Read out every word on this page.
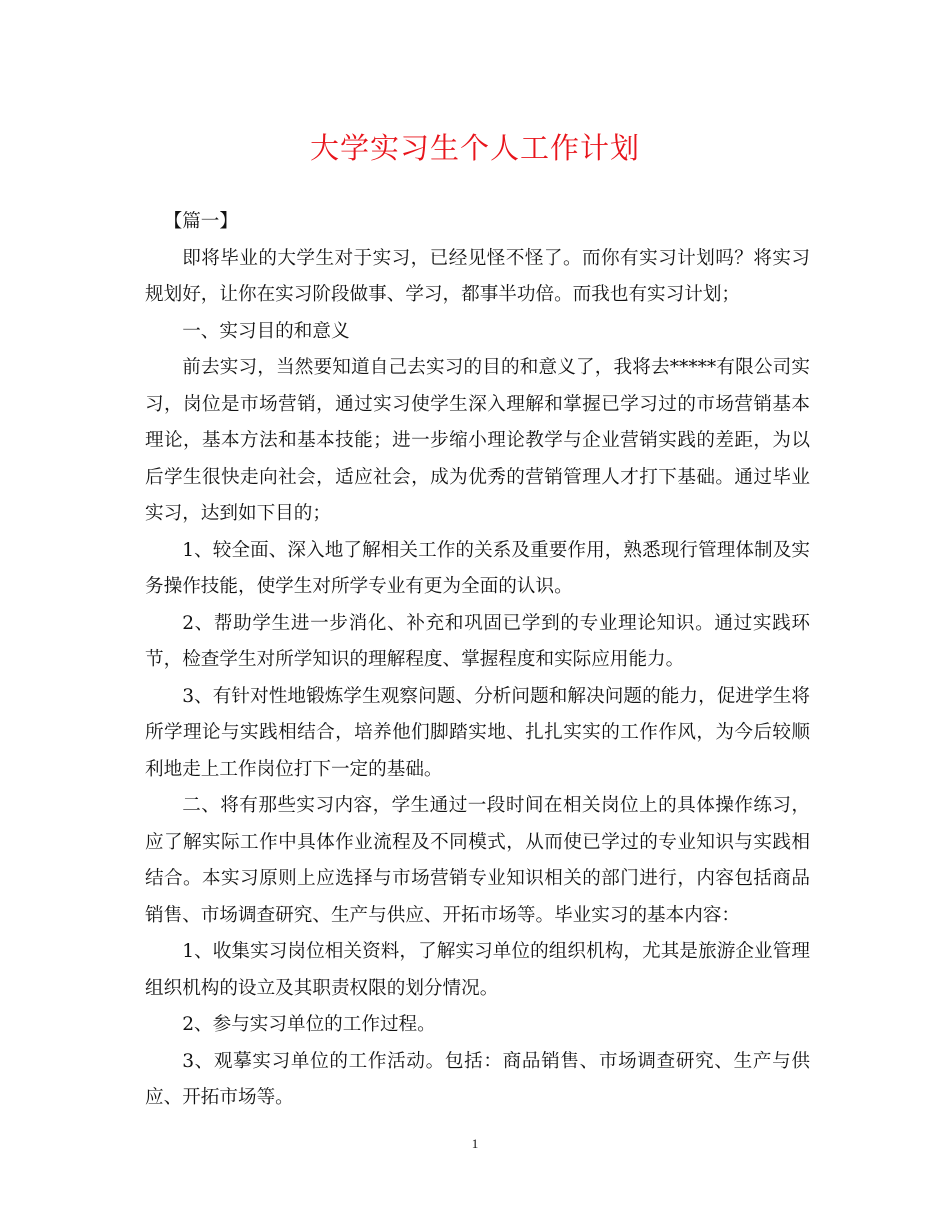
大学实习生个人工作计划

【篇一】

即将毕业的大学生对于实习，已经见怪不怪了。而你有实习计划吗？将实习规划好，让你在实习阶段做事、学习，都事半功倍。而我也有实习计划；

一、实习目的和意义

前去实习，当然要知道自己去实习的目的和意义了，我将去*****有限公司实习，岗位是市场营销，通过实习使学生深入理解和掌握已学习过的市场营销基本理论，基本方法和基本技能；进一步缩小理论教学与企业营销实践的差距，为以后学生很快走向社会，适应社会，成为优秀的营销管理人才打下基础。通过毕业实习，达到如下目的；

1、较全面、深入地了解相关工作的关系及重要作用，熟悉现行管理体制及实务操作技能，使学生对所学专业有更为全面的认识。

2、帮助学生进一步消化、补充和巩固已学到的专业理论知识。通过实践环节，检查学生对所学知识的理解程度、掌握程度和实际应用能力。

3、有针对性地锻炼学生观察问题、分析问题和解决问题的能力，促进学生将所学理论与实践相结合，培养他们脚踏实地、扎扎实实的工作作风，为今后较顺利地走上工作岗位打下一定的基础。

二、将有那些实习内容，学生通过一段时间在相关岗位上的具体操作练习，应了解实际工作中具体作业流程及不同模式，从而使已学过的专业知识与实践相结合。本实习原则上应选择与市场营销专业知识相关的部门进行，内容包括商品销售、市场调查研究、生产与供应、开拓市场等。毕业实习的基本内容：

1、收集实习岗位相关资料，了解实习单位的组织机构，尤其是旅游企业管理组织机构的设立及其职责权限的划分情况。

2、参与实习单位的工作过程。

3、观摹实习单位的工作活动。包括：商品销售、市场调查研究、生产与供应、开拓市场等。

1
